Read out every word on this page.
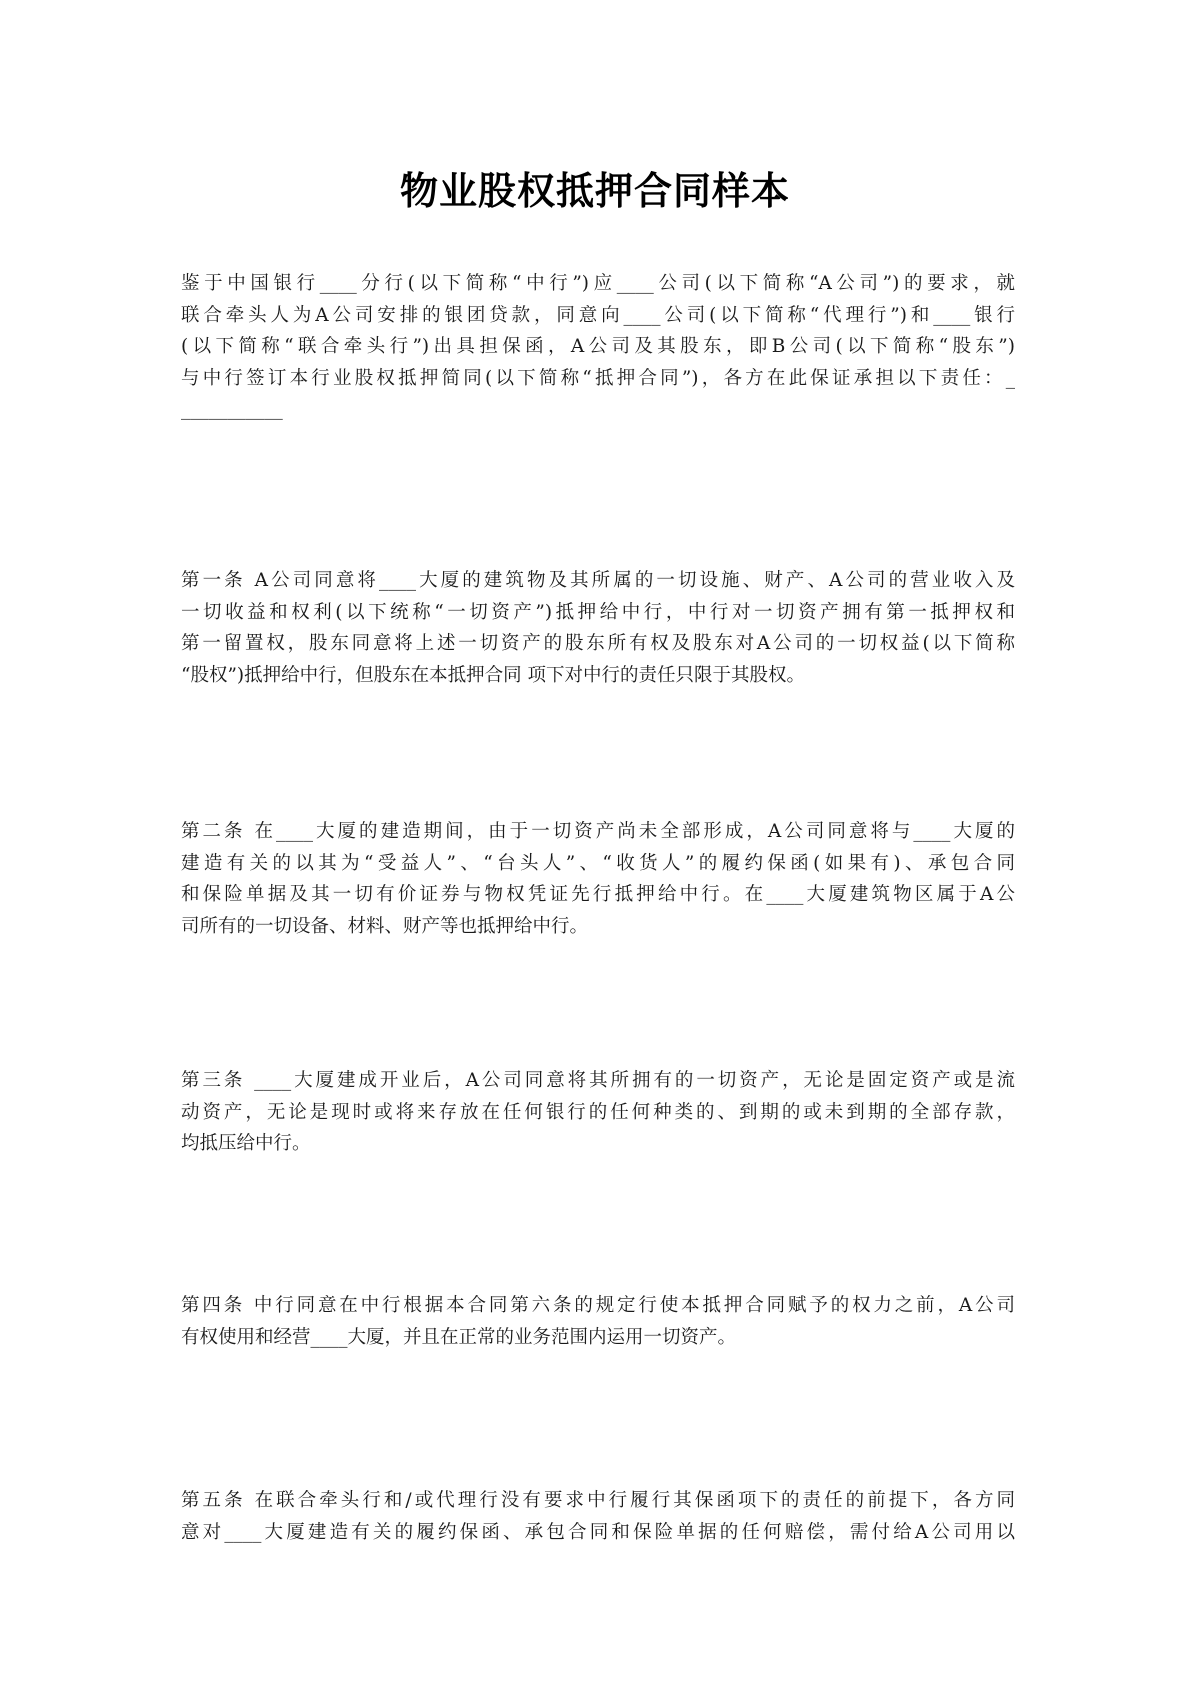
物业股权抵押合同样本
鉴于中国银行____分行(以下简称“中行”)应____公司(以下简称“A公司”)的要求，就
联合牵头人为A公司安排的银团贷款，同意向____公司(以下简称“代理行”)和____银行
(以下简称“联合牵头行”)出具担保函，A公司及其股东，即B公司(以下简称“股东”)
与中行签订本行业股权抵押简同(以下简称“抵押合同”)，各方在此保证承担以下责任：_
___________
第一条 A公司同意将____大厦的建筑物及其所属的一切设施、财产、A公司的营业收入及
一切收益和权利(以下统称“一切资产”)抵押给中行，中行对一切资产拥有第一抵押权和
第一留置权，股东同意将上述一切资产的股东所有权及股东对A公司的一切权益(以下简称
“股权”)抵押给中行，但股东在本抵押合同 项下对中行的责任只限于其股权。
第二条 在____大厦的建造期间，由于一切资产尚未全部形成，A公司同意将与____大厦的
建造有关的以其为“受益人”、“台头人”、“收货人”的履约保函(如果有)、承包合同
和保险单据及其一切有价证券与物权凭证先行抵押给中行。在____大厦建筑物区属于A公
司所有的一切设备、材料、财产等也抵押给中行。
第三条 ____大厦建成开业后，A公司同意将其所拥有的一切资产，无论是固定资产或是流
动资产，无论是现时或将来存放在任何银行的任何种类的、到期的或未到期的全部存款，
均抵压给中行。
第四条 中行同意在中行根据本合同第六条的规定行使本抵押合同赋予的权力之前，A公司
有权使用和经营____大厦，并且在正常的业务范围内运用一切资产。
第五条 在联合牵头行和/或代理行没有要求中行履行其保函项下的责任的前提下，各方同
意对____大厦建造有关的履约保函、承包合同和保险单据的任何赔偿，需付给A公司用以
